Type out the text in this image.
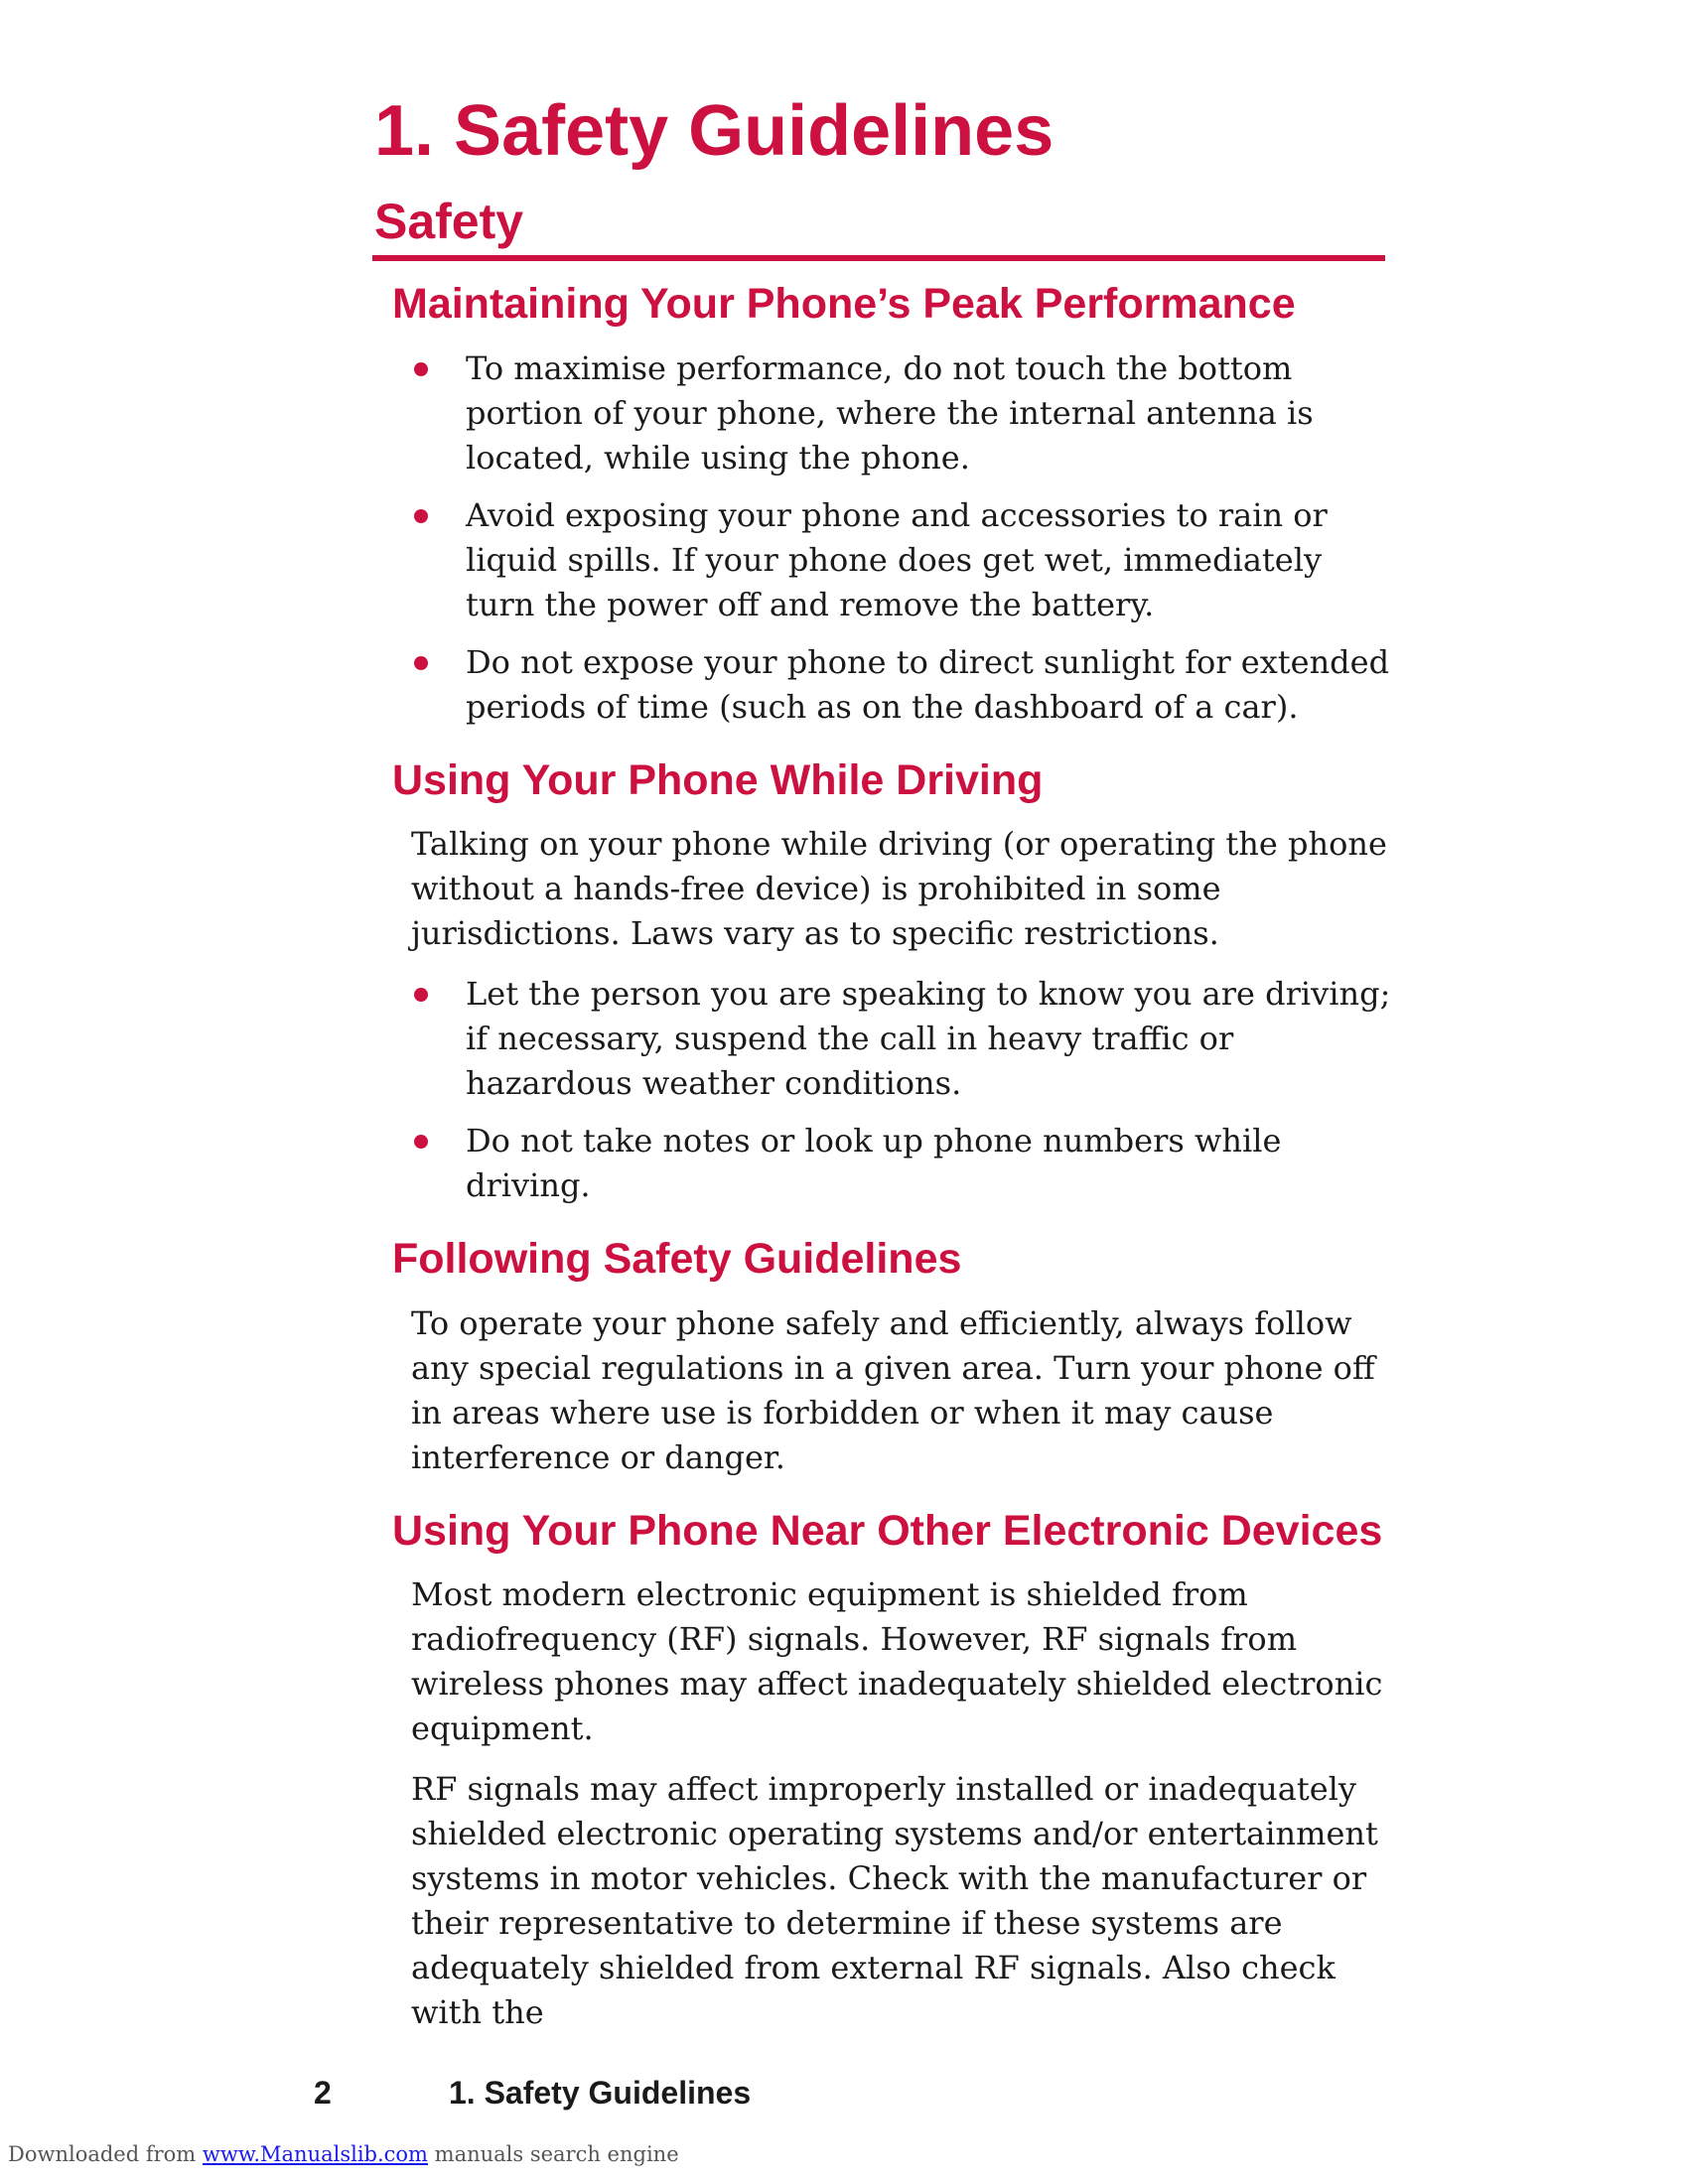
1. Safety Guidelines
Safety
Maintaining Your Phone’s Peak Performance
To maximise performance, do not touch the bottom portion of your phone, where the internal antenna is located, while using the phone.
Avoid exposing your phone and accessories to rain or liquid spills. If your phone does get wet, immediately turn the power off and remove the battery.
Do not expose your phone to direct sunlight for extended periods of time (such as on the dashboard of a car).
Using Your Phone While Driving

Talking on your phone while driving (or operating the phone without a hands-free device) is prohibited in some jurisdictions. Laws vary as to specific restrictions.

Let the person you are speaking to know you are driving; if necessary, suspend the call in heavy traffic or hazardous weather conditions.
Do not take notes or look up phone numbers while driving.
Following Safety Guidelines

To operate your phone safely and efficiently, always follow any special regulations in a given area. Turn your phone off in areas where use is forbidden or when it may cause interference or danger.

Using Your Phone Near Other Electronic Devices

Most modern electronic equipment is shielded from radiofrequency (RF) signals. However, RF signals from wireless phones may affect inadequately shielded electronic equipment.

RF signals may affect improperly installed or inadequately shielded electronic operating systems and/or entertainment systems in motor vehicles. Check with the manufacturer or their representative to determine if these systems are adequately shielded from external RF signals. Also check with the

2	1. Safety Guidelines
Downloaded from www.Manualslib.com manuals search engine
